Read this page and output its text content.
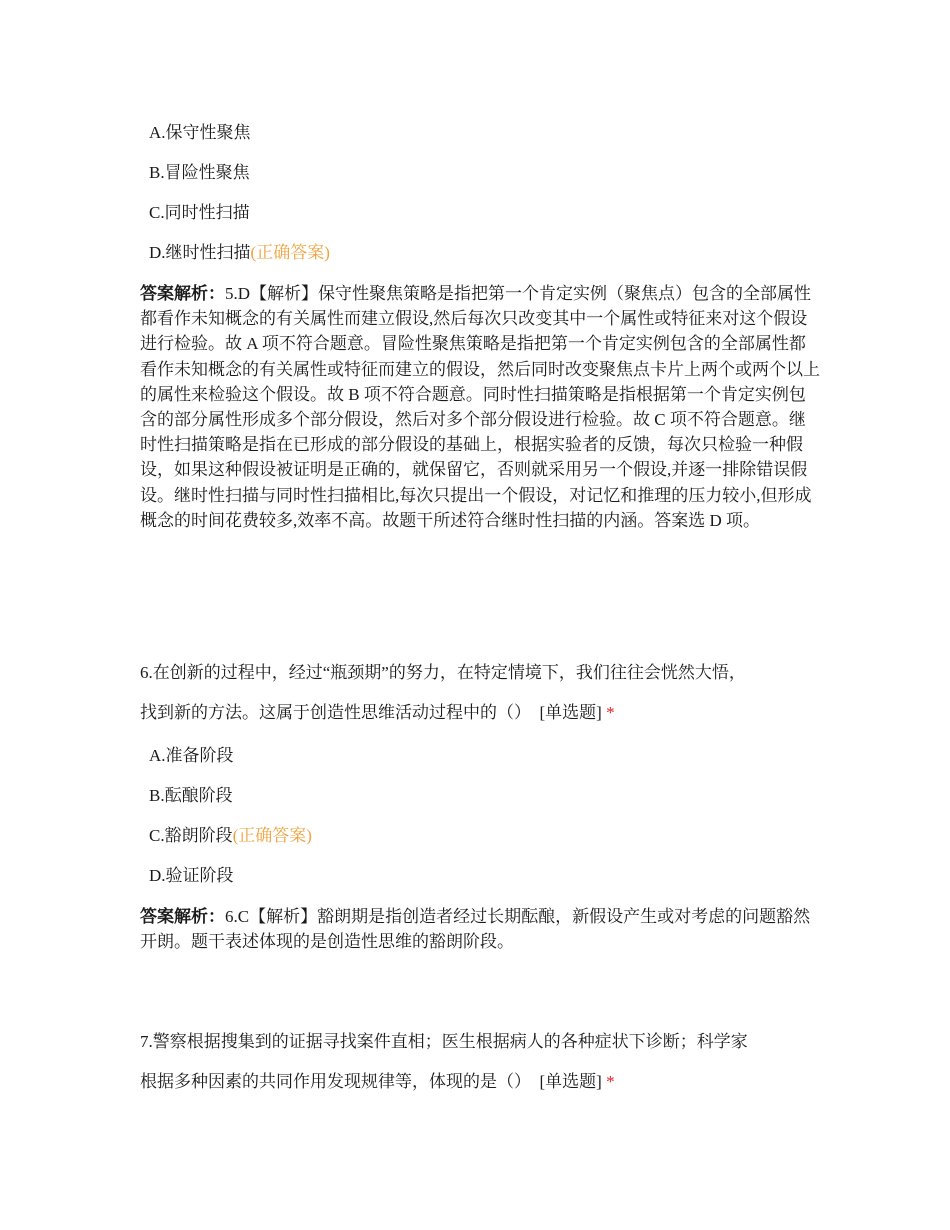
A.保守性聚焦
B.冒险性聚焦
C.同时性扫描
D.继时性扫描(正确答案)
答案解析：5.D【解析】保守性聚焦策略是指把第一个肯定实例（聚焦点）包含的全部属性都看作未知概念的有关属性而建立假设,然后每次只改变其中一个属性或特征来对这个假设进行检验。故 A 项不符合题意。冒险性聚焦策略是指把第一个肯定实例包含的全部属性都看作未知概念的有关属性或特征而建立的假设，然后同时改变聚焦点卡片上两个或两个以上的属性来检验这个假设。故 B 项不符合题意。同时性扫描策略是指根据第一个肯定实例包含的部分属性形成多个部分假设，然后对多个部分假设进行检验。故 C 项不符合题意。继时性扫描策略是指在已形成的部分假设的基础上，根据实验者的反馈，每次只检验一种假设，如果这种假设被证明是正确的，就保留它，否则就采用另一个假设,并逐一排除错误假设。继时性扫描与同时性扫描相比,每次只提出一个假设，对记忆和推理的压力较小,但形成概念的时间花费较多,效率不高。故题干所述符合继时性扫描的内涵。答案选 D 项。
6.在创新的过程中，经过“瓶颈期”的努力，在特定情境下，我们往往会恍然大悟，
找到新的方法。这属于创造性思维活动过程中的（） [单选题] *
A.准备阶段
B.酝酿阶段
C.豁朗阶段(正确答案)
D.验证阶段
答案解析：6.C【解析】豁朗期是指创造者经过长期酝酿，新假设产生或对考虑的问题豁然开朗。题干表述体现的是创造性思维的豁朗阶段。
7.警察根据搜集到的证据寻找案件直相；医生根据病人的各种症状下诊断；科学家
根据多种因素的共同作用发现规律等，体现的是（） [单选题] *
